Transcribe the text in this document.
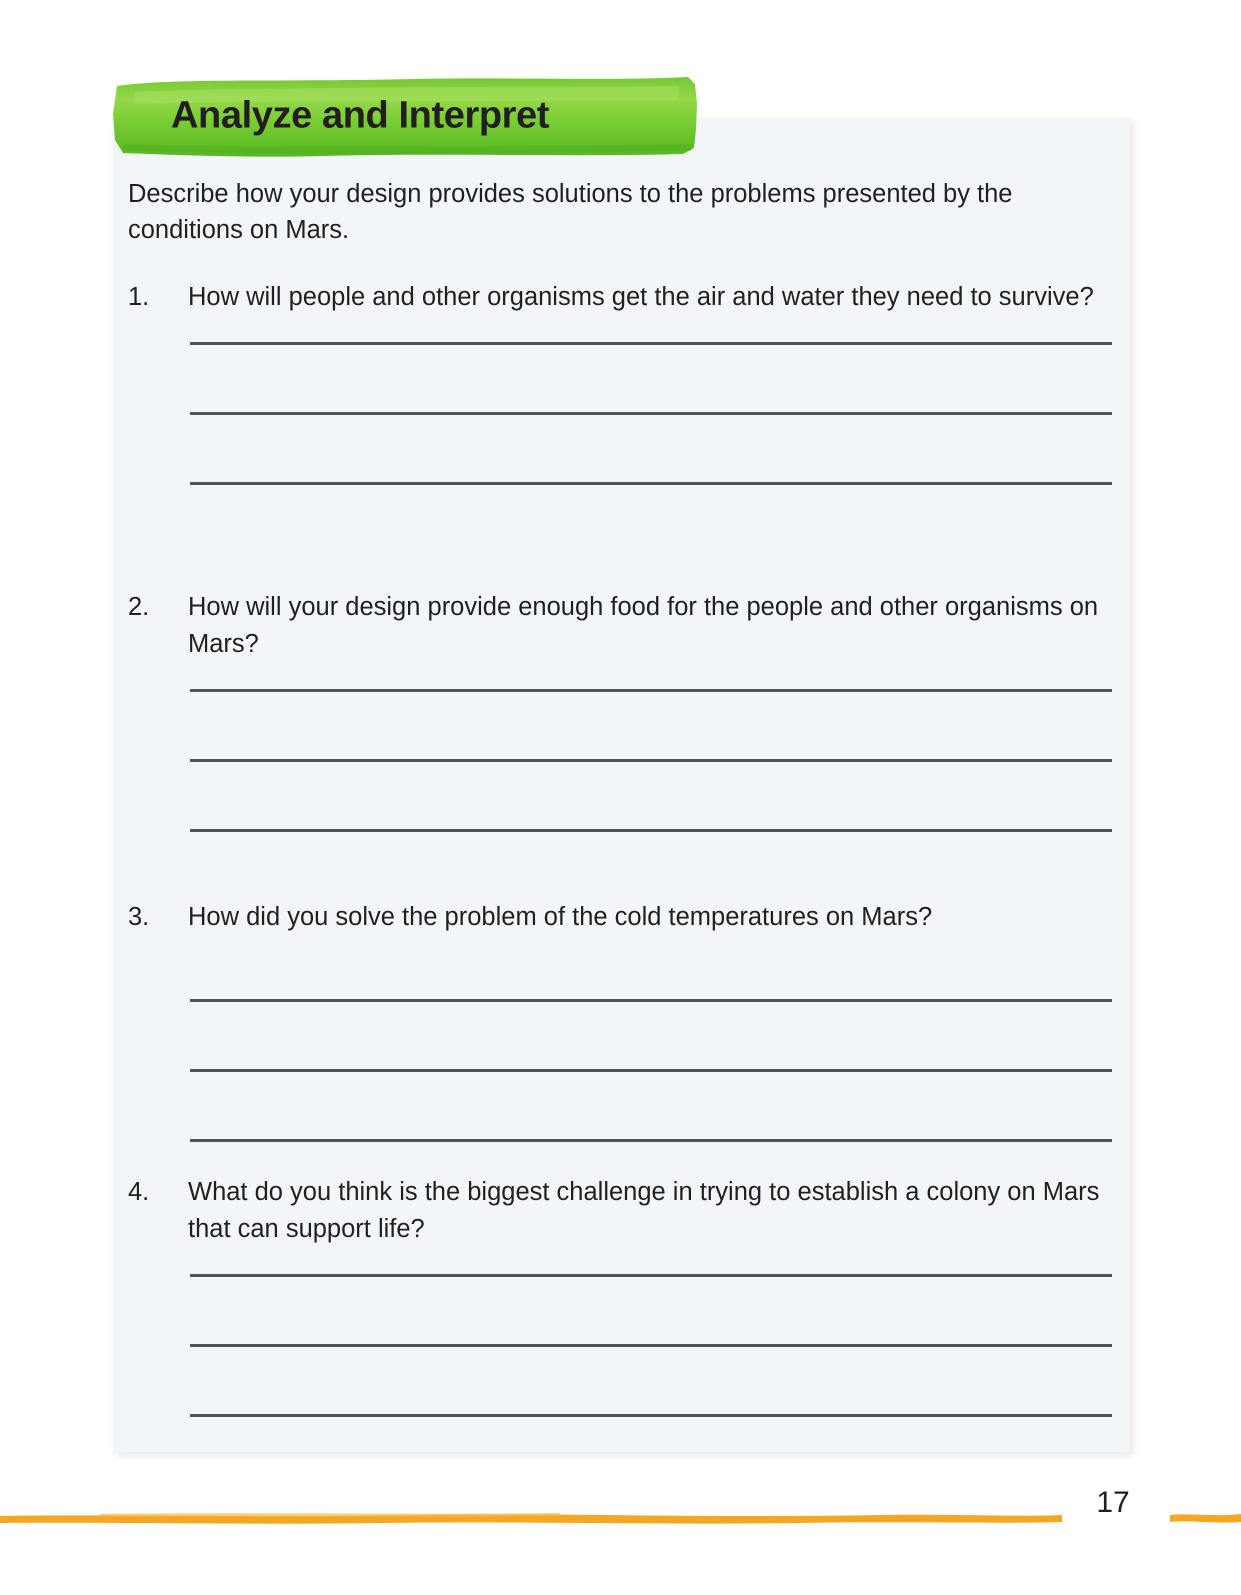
Analyze and Interpret
Describe how your design provides solutions to the problems presented by the conditions on Mars.
1.	How will people and other organisms get the air and water they need to survive?
2.	How will your design provide enough food for the people and other organisms on Mars?
3.	How did you solve the problem of the cold temperatures on Mars?
4.	What do you think is the biggest challenge in trying to establish a colony on Mars that can support life?
17
